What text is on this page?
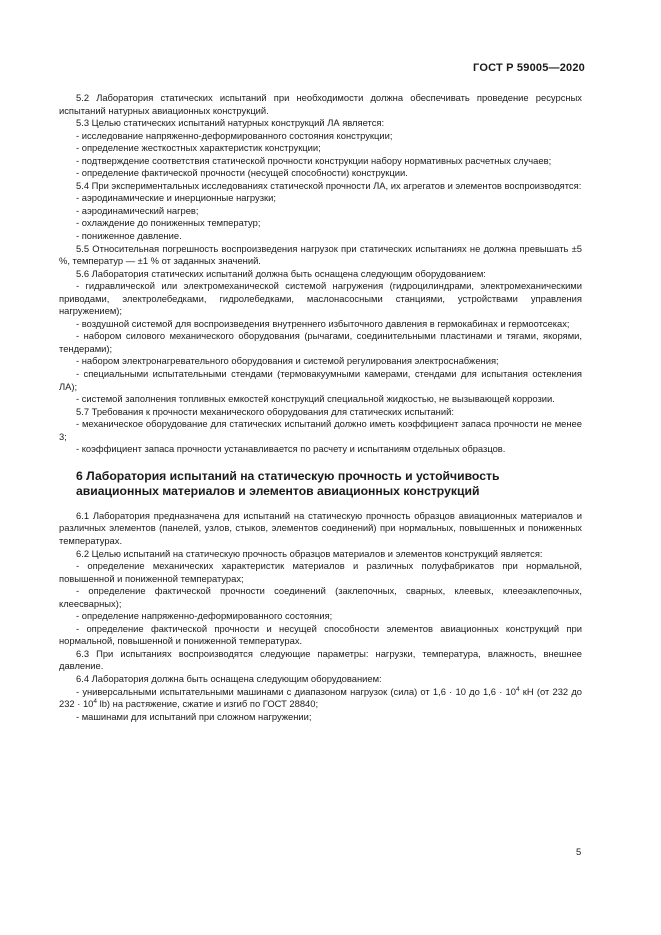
ГОСТ Р 59005—2020

5.2 Лаборатория статических испытаний при необходимости должна обеспечивать проведение ресурсных испытаний натурных авиационных конструкций.

5.3 Целью статических испытаний натурных конструкций ЛА является:

- исследование напряженно-деформированного состояния конструкции;

- определение жесткостных характеристик конструкции;

- подтверждение соответствия статической прочности конструкции набору нормативных расчетных случаев;

- определение фактической прочности (несущей способности) конструкции.

5.4 При экспериментальных исследованиях статической прочности ЛА, их агрегатов и элементов воспроизводятся:

- аэродинамические и инерционные нагрузки;

- аэродинамический нагрев;

- охлаждение до пониженных температур;

- пониженное давление.

5.5 Относительная погрешность воспроизведения нагрузок при статических испытаниях не должна превышать ±5 %, температур — ±1 % от заданных значений.

5.6 Лаборатория статических испытаний должна быть оснащена следующим оборудованием:

- гидравлической или электромеханической системой нагружения (гидроцилиндрами, электромеханическими приводами, электролебедками, гидролебедками, маслонасосными станциями, устройствами управления нагружением);

- воздушной системой для воспроизведения внутреннего избыточного давления в гермокабинах и гермоотсеках;

- набором силового механического оборудования (рычагами, соединительными пластинами и тягами, якорями, тендерами);

- набором электронагревательного оборудования и системой регулирования электроснабжения;

- специальными испытательными стендами (термовакуумными камерами, стендами для испытания остекления ЛА);

- системой заполнения топливных емкостей конструкций специальной жидкостью, не вызывающей коррозии.

5.7 Требования к прочности механического оборудования для статических испытаний:

- механическое оборудование для статических испытаний должно иметь коэффициент запаса прочности не менее 3;

- коэффициент запаса прочности устанавливается по расчету и испытаниям отдельных образцов.

6 Лаборатория испытаний на статическую прочность и устойчивость авиационных материалов и элементов авиационных конструкций

6.1 Лаборатория предназначена для испытаний на статическую прочность образцов авиационных материалов и различных элементов (панелей, узлов, стыков, элементов соединений) при нормальных, повышенных и пониженных температурах.

6.2 Целью испытаний на статическую прочность образцов материалов и элементов конструкций является:

- определение механических характеристик материалов и различных полуфабрикатов при нормальной, повышенной и пониженной температурах;

- определение фактической прочности соединений (заклепочных, сварных, клеевых, клееэаклепочных, клеесварных);

- определение напряженно-деформированного состояния;

- определение фактической прочности и несущей способности элементов авиационных конструкций при нормальной, повышенной и пониженной температурах.

6.3 При испытаниях воспроизводятся следующие параметры: нагрузки, температура, влажность, внешнее давление.

6.4 Лаборатория должна быть оснащена следующим оборудованием:

- универсальными испытательными машинами с диапазоном нагрузок (сила) от 1,6 · 10 до $1,6 \cdot 10^4$ кН (от 232 до $232 \cdot 10^4$ lb) на растяжение, сжатие и изгиб по ГОСТ 28840;

- машинами для испытаний при сложном нагружении;

5
